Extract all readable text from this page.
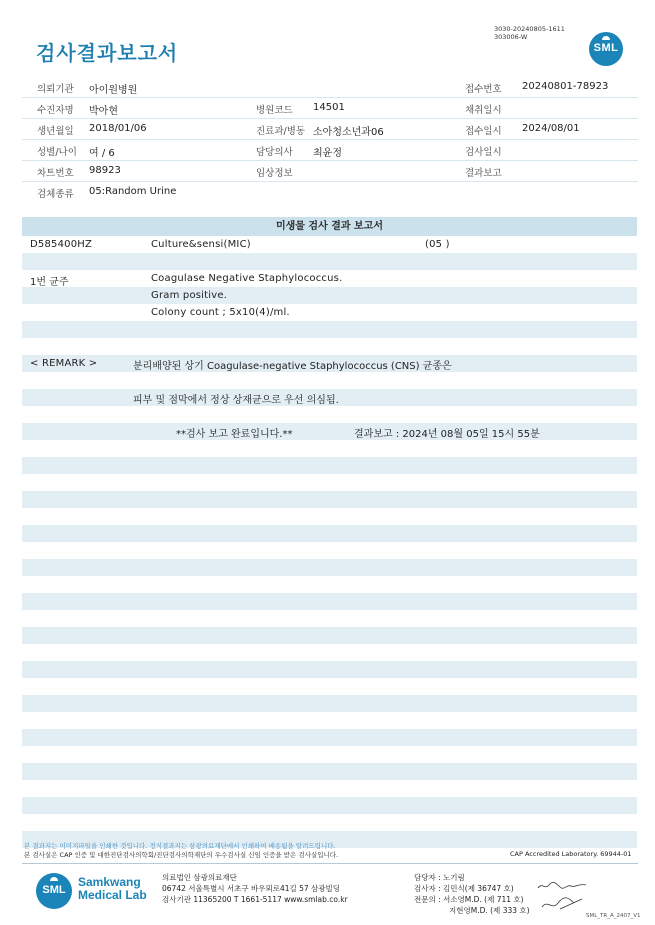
3030-20240805-1611
303006-W
검사결과보고서	SML
의뢰기관 아이원병원	접수번호 20240801-78923
수진자명 박아현	병원코드 14501	채취일시
생년월일 2018/01/06	진료과/병동 소아청소년과06	접수일시 2024/08/01
성별/나이 여 / 6	담당의사 최윤정	검사일시
차트번호 98923	임상정보	결과보고
검체종류 05:Random Urine
미생물 검사 결과 보고서
D585400HZ	Culture&sensi(MIC)	(05 )
1번 균주	Coagulase Negative Staphylococcus.
Gram positive.
Colony count ; 5x10(4)/ml.
< REMARK >	분리배양된 상기 Coagulase-negative Staphylococcus (CNS) 균종은
피부 및 점막에서 정상 상재균으로 우선 의심됨.
**검사 보고 완료입니다.**	결과보고 : 2024년 08월 05일 15시 55분
본 결과지는 이미지파일을 인쇄한 것입니다. 정식결과지는 삼광의료재단에서 인쇄하여 배송됨을 알려드립니다.
본 검사실은 CAP 인증 및 대한진단검사의학회/진단검사의학재단의 우수검사실 신임 인증을 받은 검사실입니다.	CAP Accredited Laboratory. 69944-01
SML
Samkwang
Medical Lab
의료법인 삼광의료재단
06742 서울특별시 서초구 바우뫼로41길 57 삼광빌딩
검사기관 11365200 T 1661-5117 www.smlab.co.kr
담당자 : 노기림
검사자 : 김민식(제 36747 호)
전문의 : 서소영M.D. (제 711 호)
지현영M.D. (제 333 호)
SML_TR_A_2407_V1
